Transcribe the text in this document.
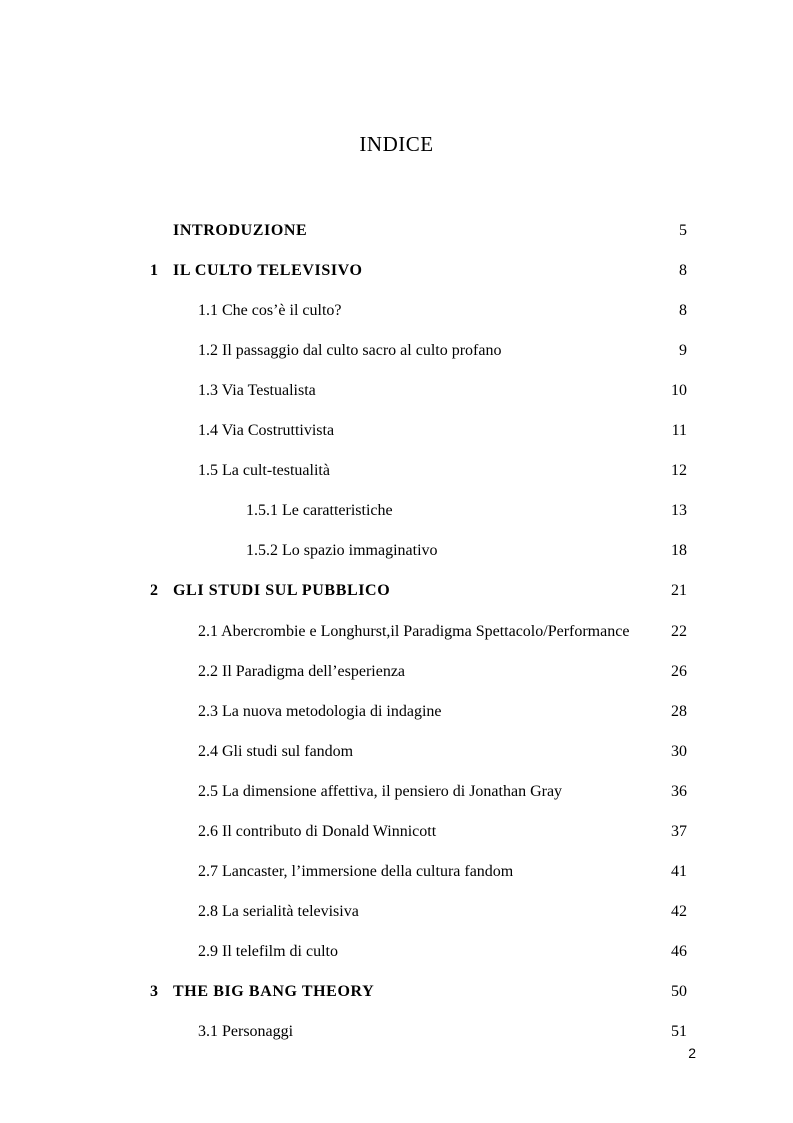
INDICE
INTRODUZIONE	5
1 IL CULTO TELEVISIVO	8
1.1 Che cos’è il culto?	8
1.2 Il passaggio dal culto sacro al culto profano	9
1.3 Via Testualista	10
1.4 Via Costruttivista	11
1.5 La cult-testualità	12
1.5.1 Le caratteristiche	13
1.5.2 Lo spazio immaginativo	18
2 GLI STUDI SUL PUBBLICO	21
2.1 Abercrombie e Longhurst,il Paradigma Spettacolo/Performance	22
2.2 Il Paradigma dell’esperienza	26
2.3 La nuova metodologia di indagine	28
2.4 Gli studi sul fandom	30
2.5 La dimensione affettiva, il pensiero di Jonathan Gray	36
2.6 Il contributo di Donald Winnicott	37
2.7 Lancaster, l’immersione della cultura fandom	41
2.8 La serialità televisiva	42
2.9 Il telefilm di culto	46
3 THE BIG BANG THEORY	50
3.1 Personaggi	51
2
